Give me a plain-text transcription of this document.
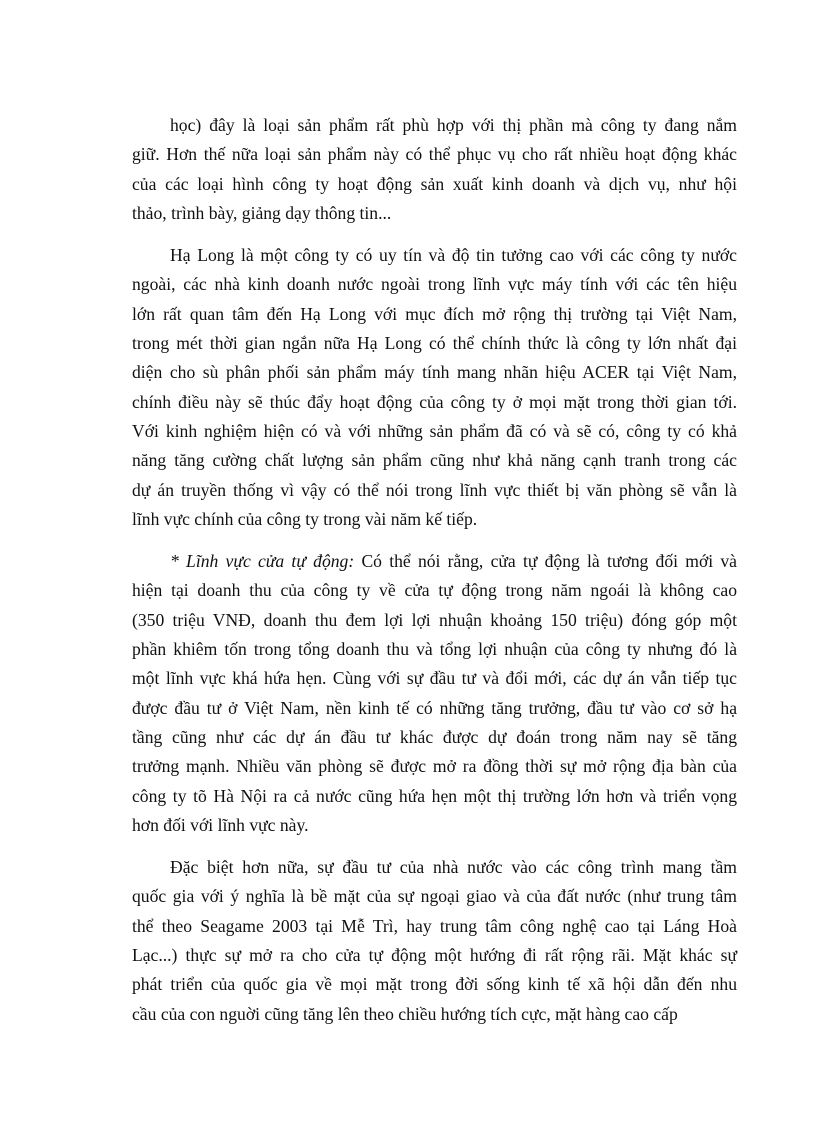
học) đây là loại sản phẩm rất phù hợp với thị phần mà công ty đang nắm
giữ. Hơn thế nữa loại sản phẩm này có thể phục vụ cho rất nhiều hoạt động khác
của các loại hình công ty hoạt động sản xuất kinh doanh và dịch vụ, như hội
thảo, trình bày, giảng dạy thông tin...
Hạ Long là một công ty có uy tín và độ tin tưởng cao với các công ty nước
ngoài, các nhà kinh doanh nước ngoài trong lĩnh vực máy tính với các tên hiệu
lớn rất quan tâm đến Hạ Long với mục đích mở rộng thị trường tại Việt Nam,
trong mét thời gian ngắn nữa Hạ Long có thể chính thức là công ty lớn nhất đại
diện cho sù phân phối sản phẩm máy tính mang nhãn hiệu ACER tại Việt Nam,
chính điều này sẽ thúc đẩy hoạt động của công ty ở mọi mặt trong thời gian tới.
Với kinh nghiệm hiện có và với những sản phẩm đã có và sẽ có, công ty có khả
năng tăng cường chất lượng sản phẩm cũng như khả năng cạnh tranh trong các
dự án truyền thống vì vậy có thể nói trong lĩnh vực thiết bị văn phòng sẽ vẫn là
lĩnh vực chính của công ty trong vài năm kế tiếp.
* Lĩnh vực cửa tự động: Có thể nói rằng, cửa tự động là tương đối mới và
hiện tại doanh thu của công ty về cửa tự động trong năm ngoái là không cao
(350 triệu VNĐ, doanh thu đem lợi lợi nhuận khoảng 150 triệu) đóng góp một
phần khiêm tốn trong tổng doanh thu và tổng lợi nhuận của công ty nhưng đó là
một lĩnh vực khá hứa hẹn. Cùng với sự đầu tư và đổi mới, các dự án vẫn tiếp tục
được đầu tư ở Việt Nam, nền kinh tế có những tăng trưởng, đầu tư vào cơ sở hạ
tầng cũng như các dự án đầu tư khác được dự đoán trong năm nay sẽ tăng
trưởng mạnh. Nhiều văn phòng sẽ được mở ra đồng thời sự mở rộng địa bàn của
công ty tõ Hà Nội ra cả nước cũng hứa hẹn một thị trường lớn hơn và triển vọng
hơn đối với lĩnh vực này.
Đặc biệt hơn nữa, sự đầu tư của nhà nước vào các công trình mang tầm
quốc gia với ý nghĩa là bề mặt của sự ngoại giao và của đất nước (như trung tâm
thể theo Seagame 2003 tại Mễ Trì, hay trung tâm công nghệ cao tại Láng Hoà
Lạc...) thực sự mở ra cho cửa tự động một hướng đi rất rộng rãi. Mặt khác sự
phát triển của quốc gia về mọi mặt trong đời sống kinh tế xã hội dẫn đến nhu
cầu của con nguời cũng tăng lên theo chiều hướng tích cực, mặt hàng cao cấp
